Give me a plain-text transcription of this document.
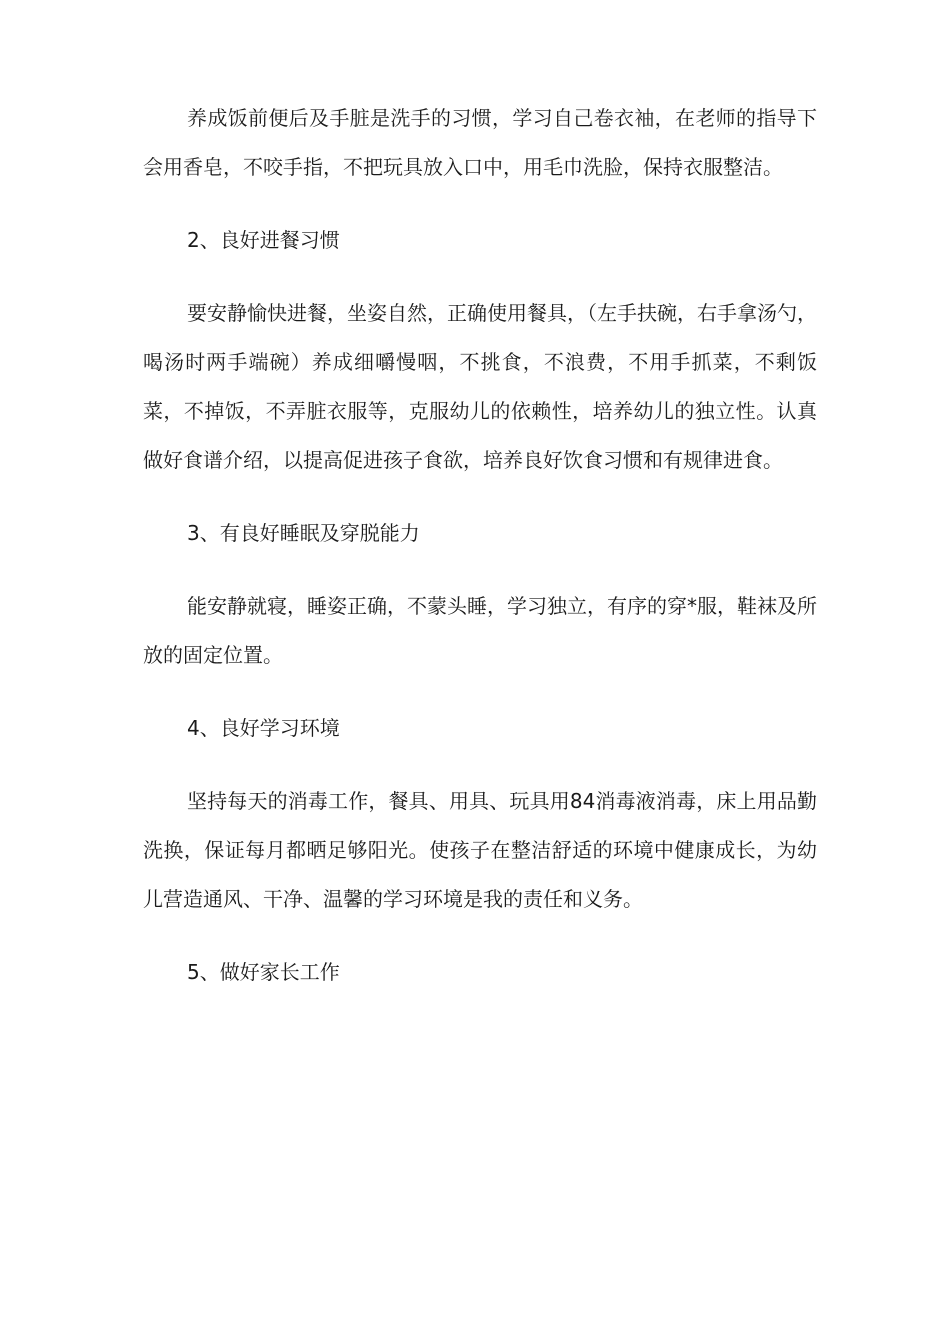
养成饭前便后及手脏是洗手的习惯，学习自己卷衣袖，在老师的指导下会用香皂，不咬手指，不把玩具放入口中，用毛巾洗脸，保持衣服整洁。

2、良好进餐习惯

要安静愉快进餐，坐姿自然，正确使用餐具，（左手扶碗，右手拿汤勺，喝汤时两手端碗）养成细嚼慢咽，不挑食，不浪费，不用手抓菜，不剩饭菜，不掉饭，不弄脏衣服等，克服幼儿的依赖性，培养幼儿的独立性。认真做好食谱介绍，以提高促进孩子食欲，培养良好饮食习惯和有规律进食。

3、有良好睡眠及穿脱能力

能安静就寝，睡姿正确，不蒙头睡，学习独立，有序的穿*服，鞋袜及所放的固定位置。

4、良好学习环境

坚持每天的消毒工作，餐具、用具、玩具用84消毒液消毒，床上用品勤洗换，保证每月都晒足够阳光。使孩子在整洁舒适的环境中健康成长，为幼儿营造通风、干净、温馨的学习环境是我的责任和义务。

5、做好家长工作
